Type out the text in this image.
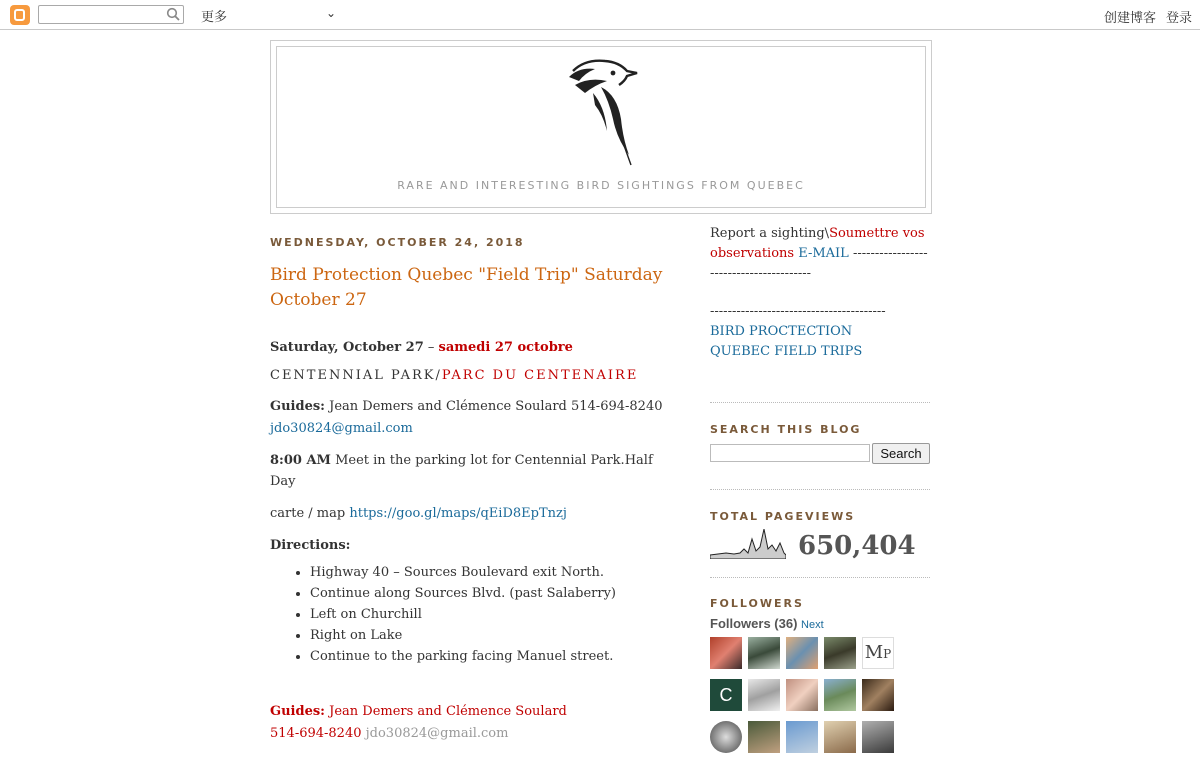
更多	⌄	创建博客 登录
RARE AND INTERESTING BIRD SIGHTINGS FROM QUEBEC
WEDNESDAY, OCTOBER 24, 2018
Bird Protection Quebec "Field Trip" Saturday October 27

Saturday, October 27 – samedi 27 octobre

CENTENNIAL PARK/PARC DU CENTENAIRE

Guides: Jean Demers and Clémence Soulard 514-694-8240 jdo30824@gmail.com

8:00 AM Meet in the parking lot for Centennial Park.Half Day

carte / map https://goo.gl/maps/qEiD8EpTnzj

Directions:

• Highway 40 – Sources Boulevard exit North.
• Continue along Sources Blvd. (past Salaberry)
• Left on Churchill
• Right on Lake
• Continue to the parking facing Manuel street.

Guides: Jean Demers and Clémence Soulard
514-694-8240 jdo30824@gmail.com

Report a sighting\Soumettre vos observations E-MAIL ----------------------------------------
----------------------------------------
BIRD PROCTECTION QUEBEC FIELD TRIPS
SEARCH THIS BLOG
Search
TOTAL PAGEVIEWS
650,404
FOLLOWERS
Followers (36) Next
MP
C
